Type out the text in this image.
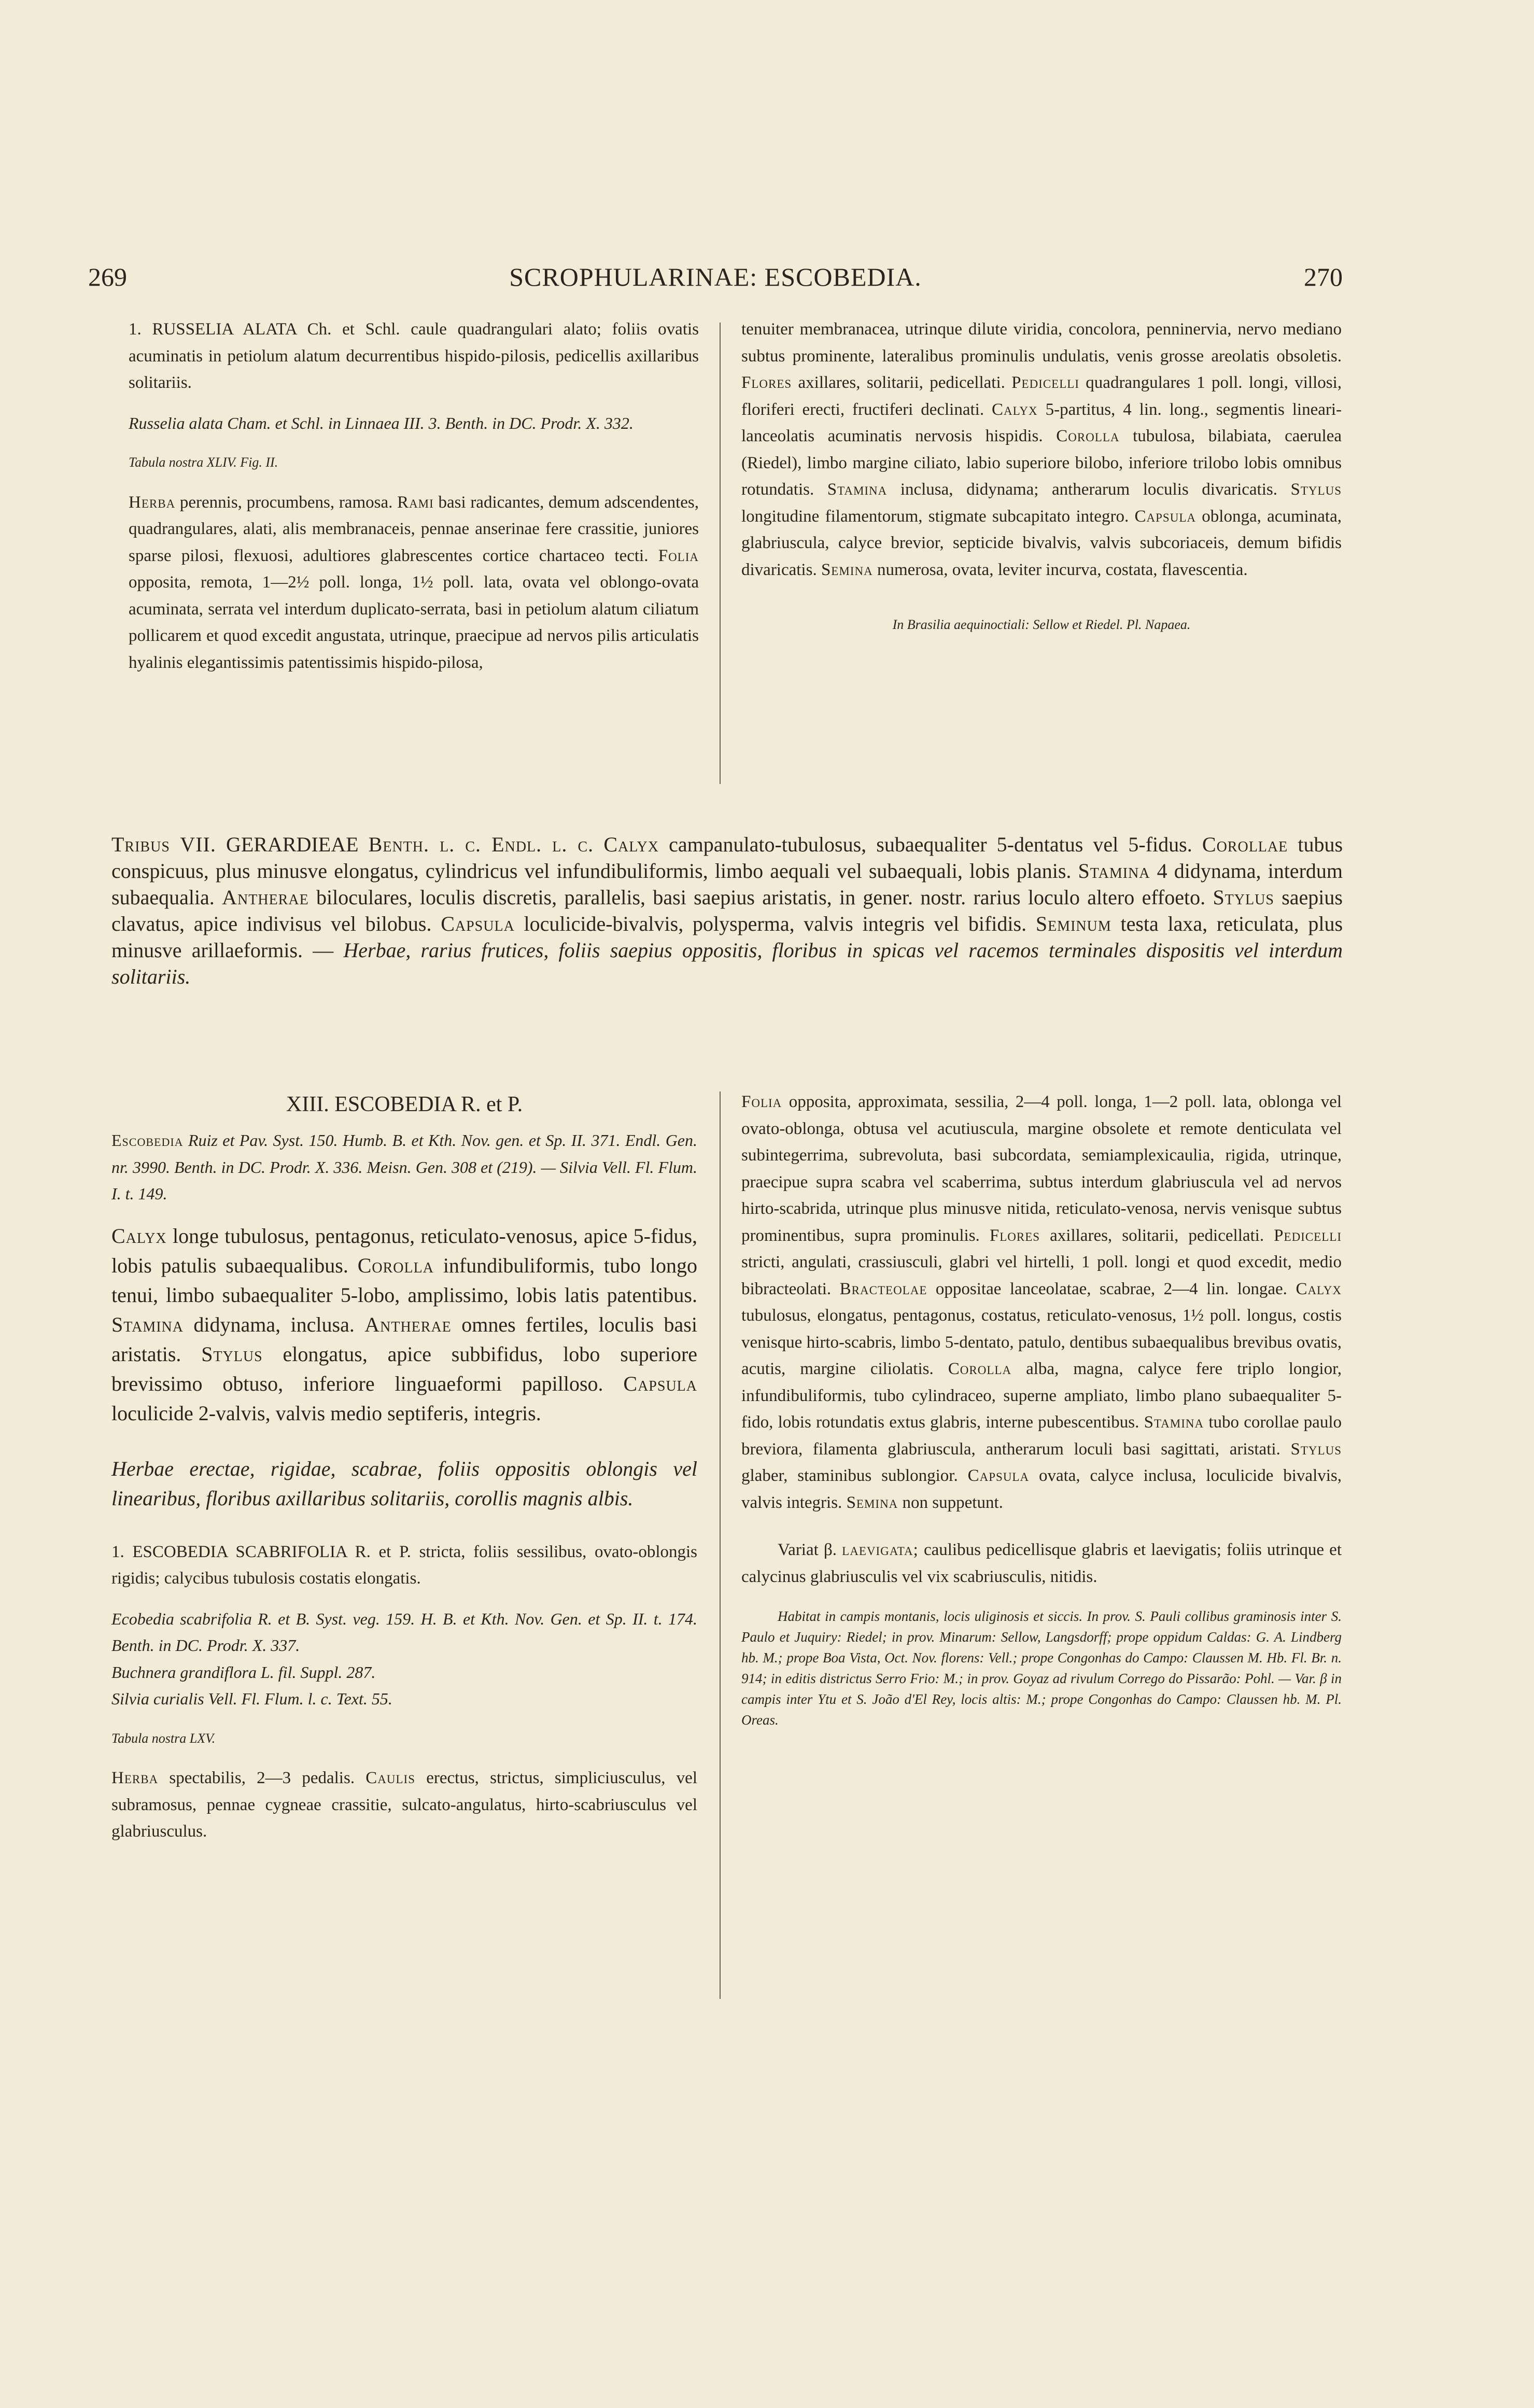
269	SCROPHULARINAE: ESCOBEDIA.	270

1. RUSSELIA ALATA Ch. et Schl. caule quadrangulari alato; foliis ovatis acuminatis in petiolum alatum decurrentibus hispido-pilosis, pedicellis axillaribus solitariis.

Russelia alata Cham. et Schl. in Linnaea III. 3. Benth. in DC. Prodr. X. 332.

Tabula nostra XLIV. Fig. II.

Herba perennis, procumbens, ramosa. Rami basi radicantes, demum adscendentes, quadrangulares, alati, alis membranaceis, pennae anserinae fere crassitie, juniores sparse pilosi, flexuosi, adultiores glabrescentes cortice chartaceo tecti. Folia opposita, remota, 1—2½ poll. longa, 1½ poll. lata, ovata vel oblongo-ovata acuminata, serrata vel interdum duplicato-serrata, basi in petiolum alatum ciliatum pollicarem et quod excedit angustata, utrinque, praecipue ad nervos pilis articulatis hyalinis elegantissimis patentissimis hispido-pilosa,

tenuiter membranacea, utrinque dilute viridia, concolora, penninervia, nervo mediano subtus prominente, lateralibus prominulis undulatis, venis grosse areolatis obsoletis. Flores axillares, solitarii, pedicellati. Pedicelli quadrangulares 1 poll. longi, villosi, floriferi erecti, fructiferi declinati. Calyx 5-partitus, 4 lin. long., segmentis lineari-lanceolatis acuminatis nervosis hispidis. Corolla tubulosa, bilabiata, caerulea (Riedel), limbo margine ciliato, labio superiore bilobo, inferiore trilobo lobis omnibus rotundatis. Stamina inclusa, didynama; antherarum loculis divaricatis. Stylus longitudine filamentorum, stigmate subcapitato integro. Capsula oblonga, acuminata, glabriuscula, calyce brevior, septicide bivalvis, valvis subcoriaceis, demum bifidis divaricatis. Semina numerosa, ovata, leviter incurva, costata, flavescentia.

In Brasilia aequinoctiali: Sellow et Riedel. Pl. Napaea.

Tribus VII. GERARDIEAE Benth. l. c. Endl. l. c. Calyx campanulato-tubulosus, subaequaliter 5-dentatus vel 5-fidus. Corollae tubus conspicuus, plus minusve elongatus, cylindricus vel infundibuliformis, limbo aequali vel subaequali, lobis planis. Stamina 4 didynama, interdum subaequalia. Antherae biloculares, loculis discretis, parallelis, basi saepius aristatis, in gener. nostr. rarius loculo altero effoeto. Stylus saepius clavatus, apice indivisus vel bilobus. Capsula loculicide-bivalvis, polysperma, valvis integris vel bifidis. Seminum testa laxa, reticulata, plus minusve arillaeformis. — Herbae, rarius frutices, foliis saepius oppositis, floribus in spicas vel racemos terminales dispositis vel interdum solitariis.

XIII. ESCOBEDIA R. et P.

Escobedia Ruiz et Pav. Syst. 150. Humb. B. et Kth. Nov. gen. et Sp. II. 371. Endl. Gen. nr. 3990. Benth. in DC. Prodr. X. 336. Meisn. Gen. 308 et (219). — Silvia Vell. Fl. Flum. I. t. 149.

Calyx longe tubulosus, pentagonus, reticulato-venosus, apice 5-fidus, lobis patulis subaequalibus. Corolla infundibuliformis, tubo longo tenui, limbo subaequaliter 5-lobo, amplissimo, lobis latis patentibus. Stamina didynama, inclusa. Antherae omnes fertiles, loculis basi aristatis. Stylus elongatus, apice subbifidus, lobo superiore brevissimo obtuso, inferiore linguaeformi papilloso. Capsula loculicide 2-valvis, valvis medio septiferis, integris.

Herbae erectae, rigidae, scabrae, foliis oppositis oblongis vel linearibus, floribus axillaribus solitariis, corollis magnis albis.

1. ESCOBEDIA SCABRIFOLIA R. et P. stricta, foliis sessilibus, ovato-oblongis rigidis; calycibus tubulosis costatis elongatis.

Ecobedia scabrifolia R. et B. Syst. veg. 159. H. B. et Kth. Nov. Gen. et Sp. II. t. 174. Benth. in DC. Prodr. X. 337.

Buchnera grandiflora L. fil. Suppl. 287.

Silvia curialis Vell. Fl. Flum. l. c. Text. 55.

Tabula nostra LXV.

Herba spectabilis, 2—3 pedalis. Caulis erectus, strictus, simpliciusculus, vel subramosus, pennae cygneae crassitie, sulcato-angulatus, hirto-scabriusculus vel glabriusculus.

Folia opposita, approximata, sessilia, 2—4 poll. longa, 1—2 poll. lata, oblonga vel ovato-oblonga, obtusa vel acutiuscula, margine obsolete et remote denticulata vel subintegerrima, subrevoluta, basi subcordata, semiamplexicaulia, rigida, utrinque, praecipue supra scabra vel scaberrima, subtus interdum glabriuscula vel ad nervos hirto-scabrida, utrinque plus minusve nitida, reticulato-venosa, nervis venisque subtus prominentibus, supra prominulis. Flores axillares, solitarii, pedicellati. Pedicelli stricti, angulati, crassiusculi, glabri vel hirtelli, 1 poll. longi et quod excedit, medio bibracteolati. Bracteolae oppositae lanceolatae, scabrae, 2—4 lin. longae. Calyx tubulosus, elongatus, pentagonus, costatus, reticulato-venosus, 1½ poll. longus, costis venisque hirto-scabris, limbo 5-dentato, patulo, dentibus subaequalibus brevibus ovatis, acutis, margine ciliolatis. Corolla alba, magna, calyce fere triplo longior, infundibuliformis, tubo cylindraceo, superne ampliato, limbo plano subaequaliter 5-fido, lobis rotundatis extus glabris, interne pubescentibus. Stamina tubo corollae paulo breviora, filamenta glabriuscula, antherarum loculi basi sagittati, aristati. Stylus glaber, staminibus sublongior. Capsula ovata, calyce inclusa, loculicide bivalvis, valvis integris. Semina non suppetunt.

Variat β. laevigata; caulibus pedicellisque glabris et laevigatis; foliis utrinque et calycinus glabriusculis vel vix scabriusculis, nitidis.

Habitat in campis montanis, locis uliginosis et siccis. In prov. S. Pauli collibus graminosis inter S. Paulo et Juquiry: Riedel; in prov. Minarum: Sellow, Langsdorff; prope oppidum Caldas: G. A. Lindberg hb. M.; prope Boa Vista, Oct. Nov. florens: Vell.; prope Congonhas do Campo: Claussen M. Hb. Fl. Br. n. 914; in editis districtus Serro Frio: M.; in prov. Goyaz ad rivulum Corrego do Pissarão: Pohl. — Var. β in campis inter Ytu et S. João d'El Rey, locis altis: M.; prope Congonhas do Campo: Claussen hb. M. Pl. Oreas.
